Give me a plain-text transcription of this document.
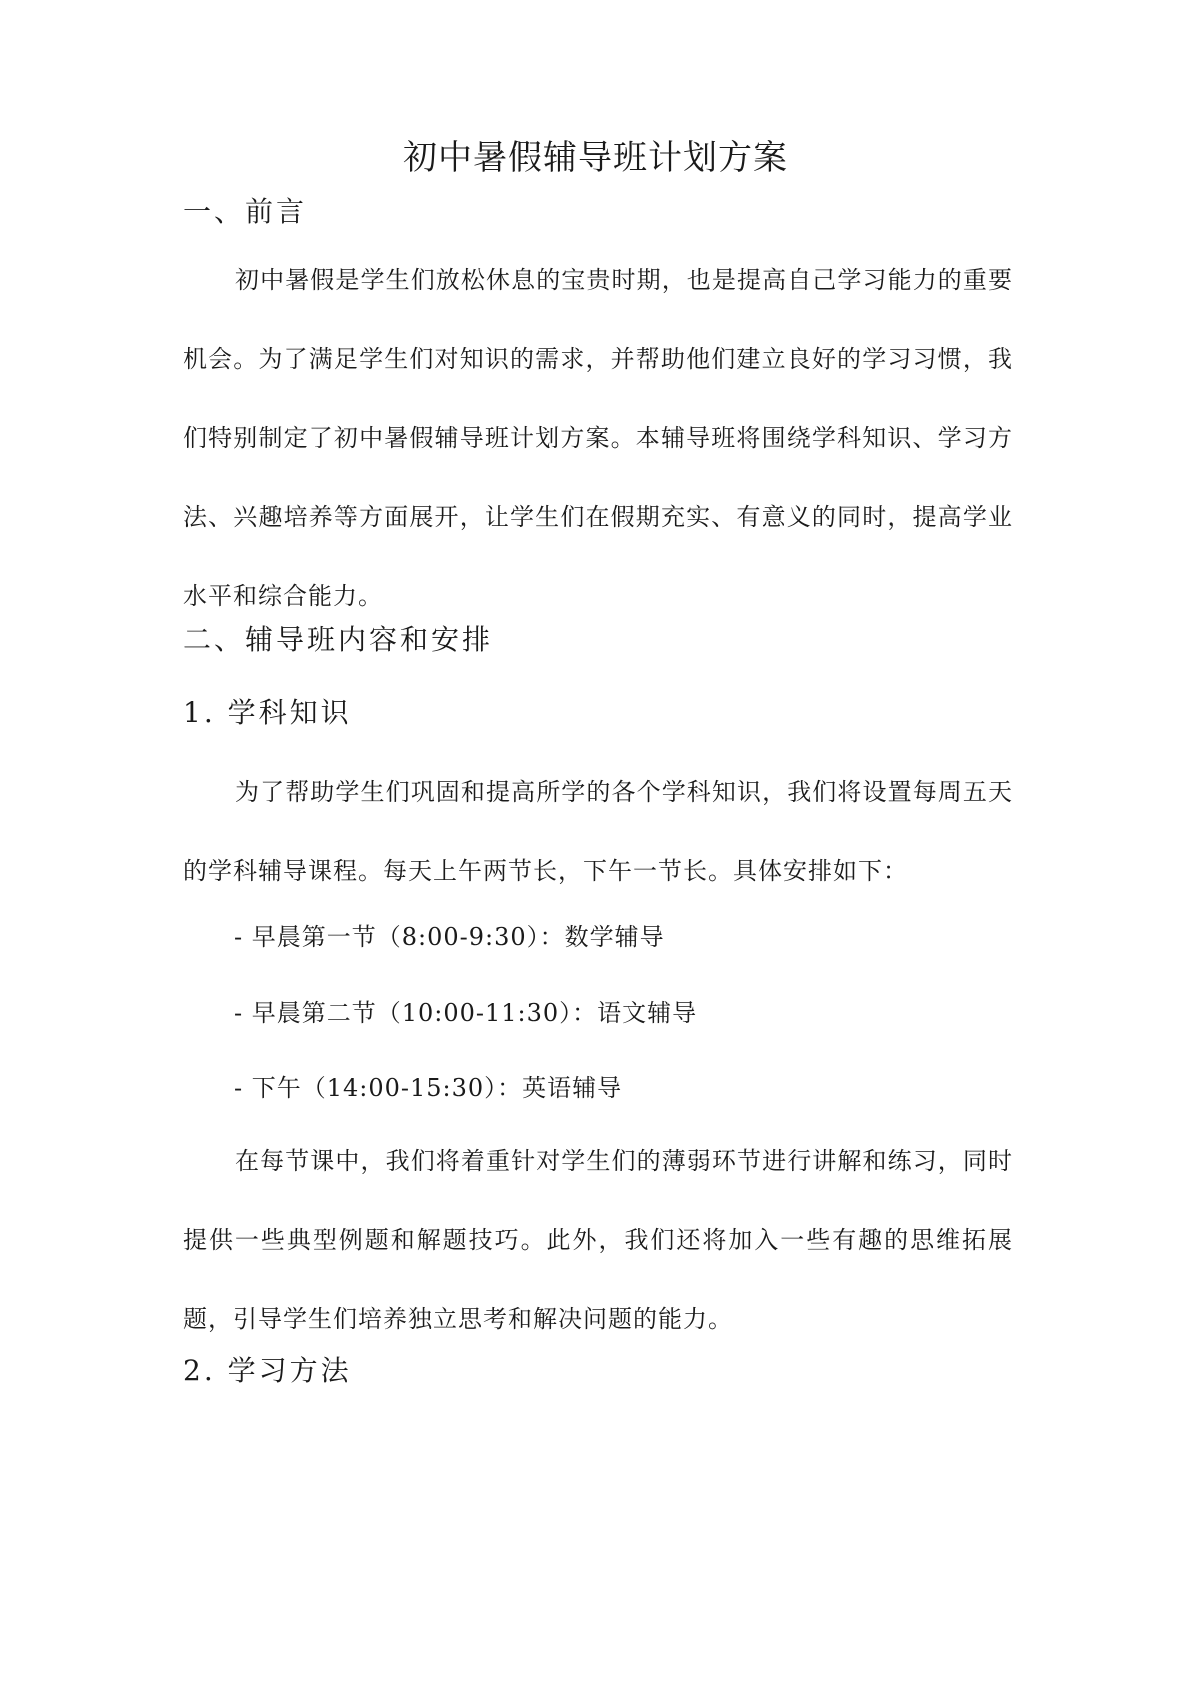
初中暑假辅导班计划方案
一、前言
初中暑假是学生们放松休息的宝贵时期，也是提高自己学习能力的重要机会。为了满足学生们对知识的需求，并帮助他们建立良好的学习习惯，我们特别制定了初中暑假辅导班计划方案。本辅导班将围绕学科知识、学习方法、兴趣培养等方面展开，让学生们在假期充实、有意义的同时，提高学业水平和综合能力。
二、辅导班内容和安排
1. 学科知识
为了帮助学生们巩固和提高所学的各个学科知识，我们将设置每周五天的学科辅导课程。每天上午两节长，下午一节长。具体安排如下：
- 早晨第一节（8:00-9:30）：数学辅导
- 早晨第二节（10:00-11:30）：语文辅导
- 下午（14:00-15:30）：英语辅导
在每节课中，我们将着重针对学生们的薄弱环节进行讲解和练习，同时提供一些典型例题和解题技巧。此外，我们还将加入一些有趣的思维拓展题，引导学生们培养独立思考和解决问题的能力。
2. 学习方法
